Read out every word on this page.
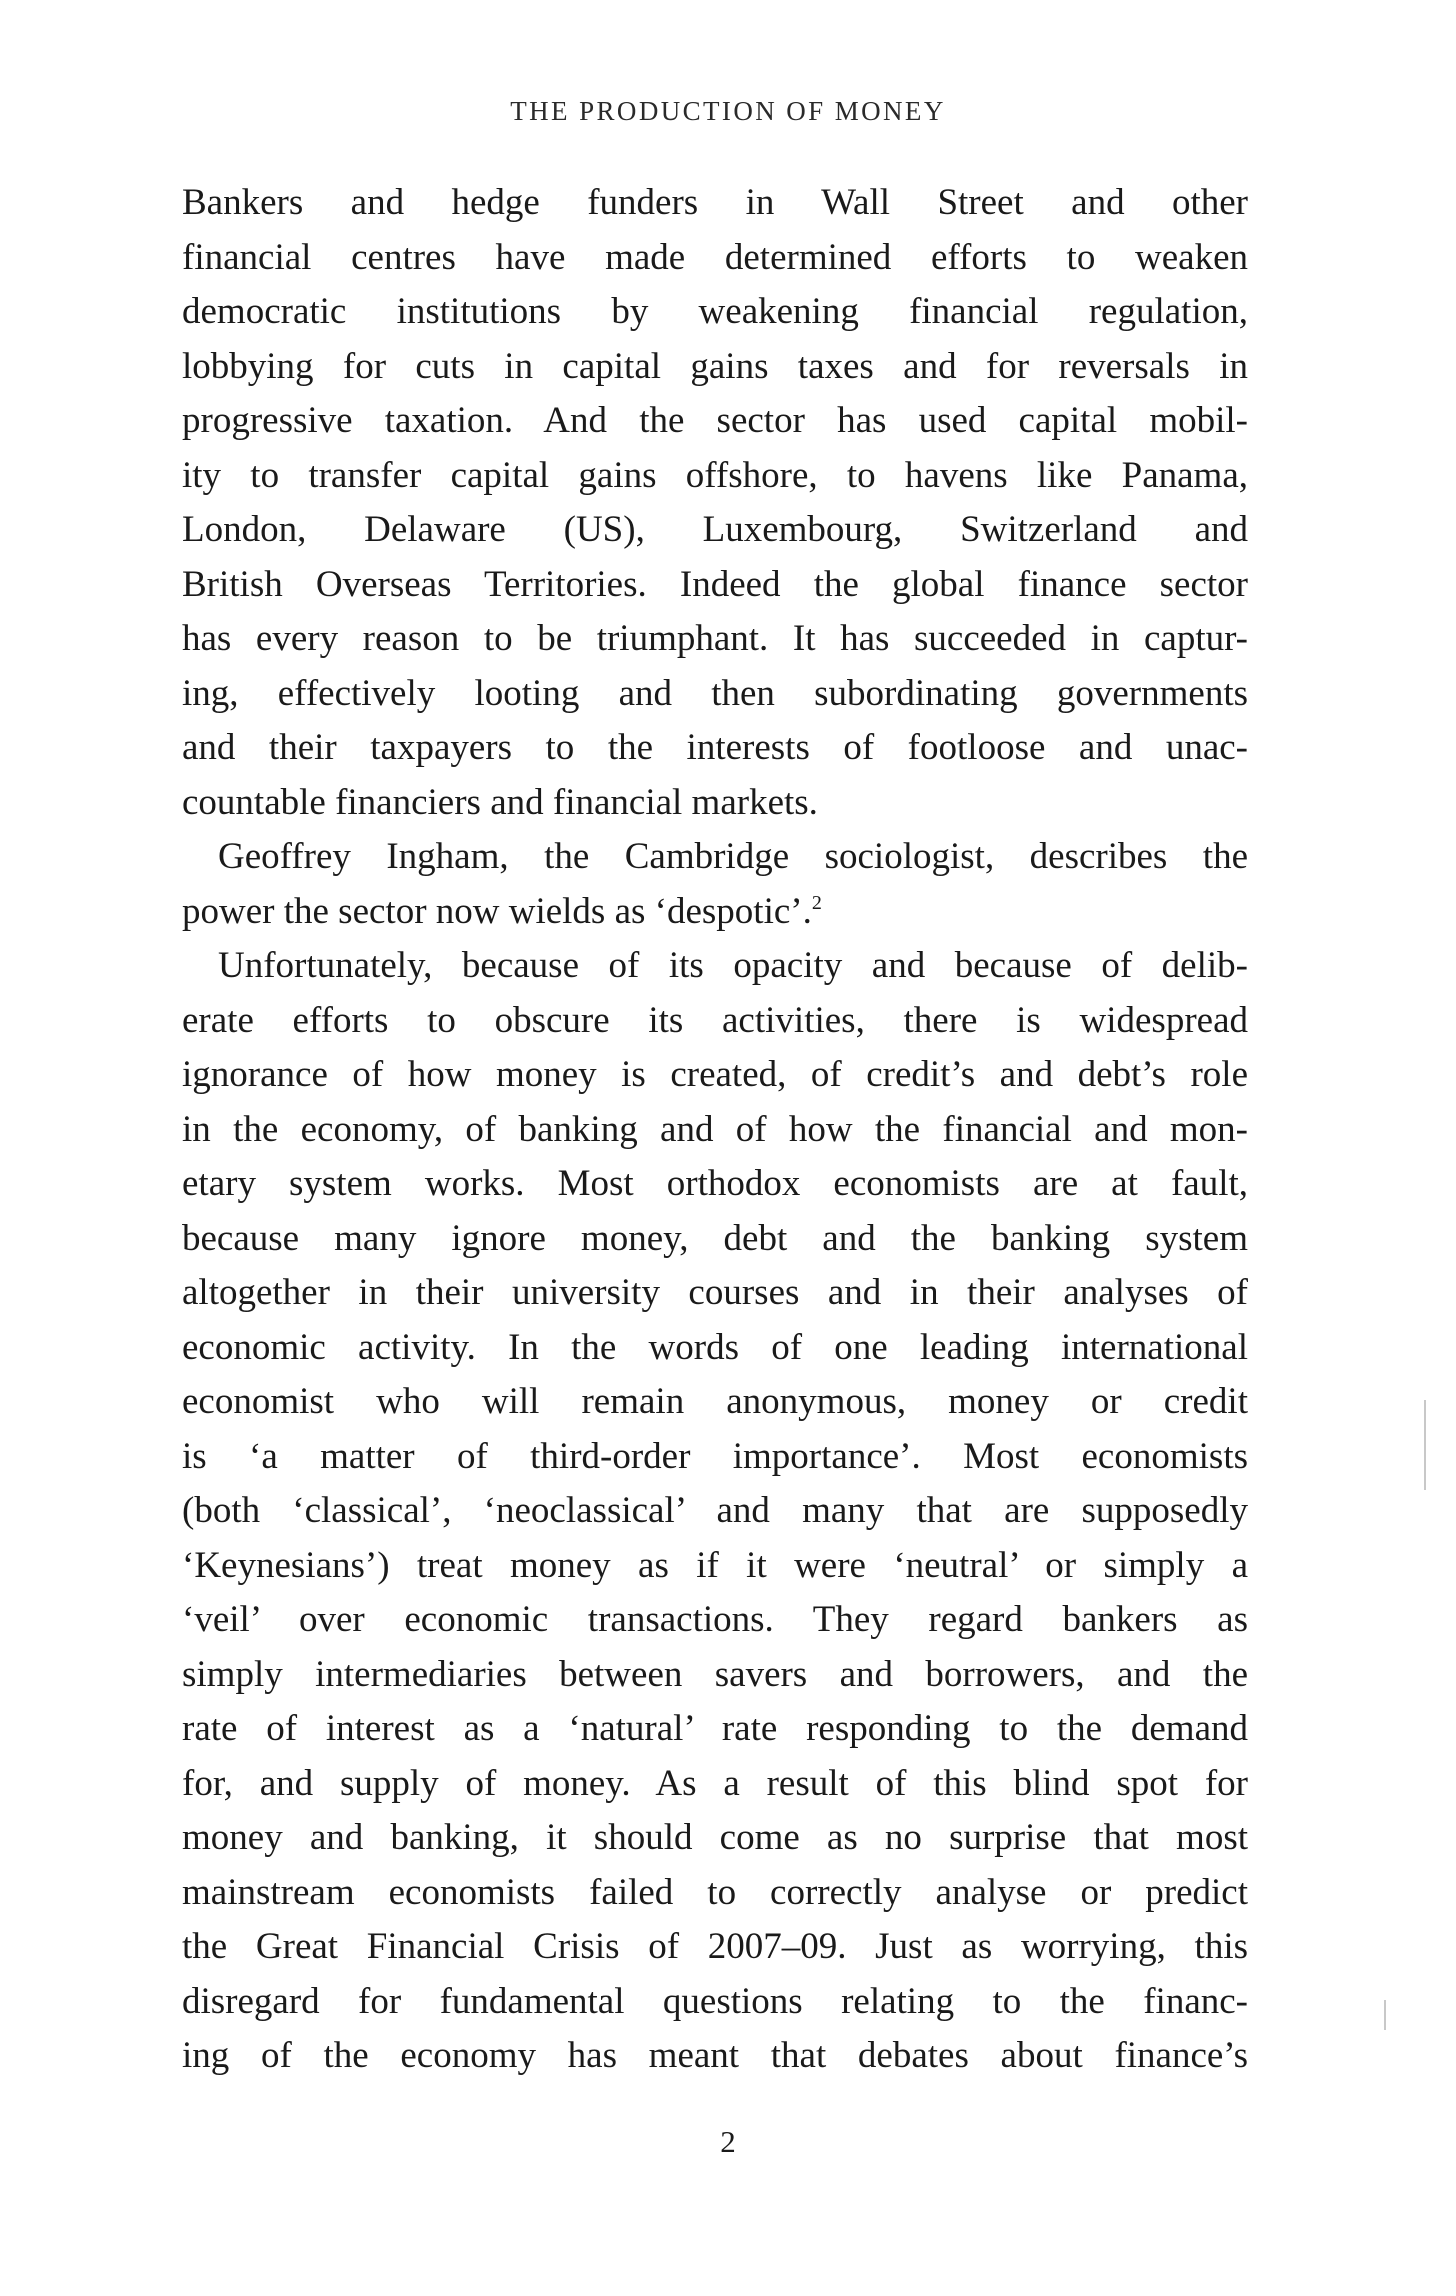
THE PRODUCTION OF MONEY
Bankers and hedge funders in Wall Street and other
financial centres have made determined efforts to weaken
democratic institutions by weakening financial regulation,
lobbying for cuts in capital gains taxes and for reversals in
progressive taxation. And the sector has used capital mobil-
ity to transfer capital gains offshore, to havens like Panama,
London, Delaware (US), Luxembourg, Switzerland and
British Overseas Territories. Indeed the global finance sector
has every reason to be triumphant. It has succeeded in captur-
ing, effectively looting and then subordinating governments
and their taxpayers to the interests of footloose and unac-
countable financiers and financial markets.
Geoffrey Ingham, the Cambridge sociologist, describes the
power the sector now wields as ‘despotic’.$^2$
Unfortunately, because of its opacity and because of delib-
erate efforts to obscure its activities, there is widespread
ignorance of how money is created, of credit’s and debt’s role
in the economy, of banking and of how the financial and mon-
etary system works. Most orthodox economists are at fault,
because many ignore money, debt and the banking system
altogether in their university courses and in their analyses of
economic activity. In the words of one leading international
economist who will remain anonymous, money or credit
is ‘a matter of third-order importance’. Most economists
(both ‘classical’, ‘neoclassical’ and many that are supposedly
‘Keynesians’) treat money as if it were ‘neutral’ or simply a
‘veil’ over economic transactions. They regard bankers as
simply intermediaries between savers and borrowers, and the
rate of interest as a ‘natural’ rate responding to the demand
for, and supply of money. As a result of this blind spot for
money and banking, it should come as no surprise that most
mainstream economists failed to correctly analyse or predict
the Great Financial Crisis of 2007–09. Just as worrying, this
disregard for fundamental questions relating to the financ-
ing of the economy has meant that debates about finance’s
2
